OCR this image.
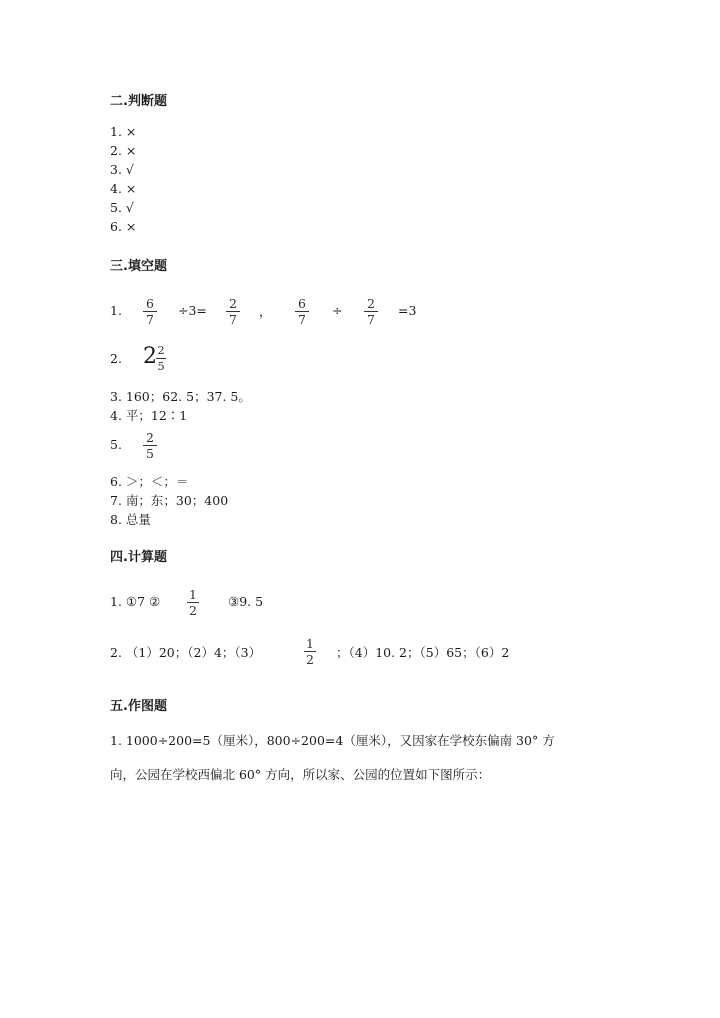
二.判断题
1. ×
2. ×
3. √
4. ×
5. √
6. ×
三.填空题
1. 6
7
÷3= 2
7
，
6
7
÷ 2
7
=3
2. 2 2
5
3. 160；62. 5；37. 5。
4. 平；12∶1
5. 2
5
6. ＞；＜；＝
7. 南；东；30；400
8. 总量
四.计算题
1. ①7 ② 1
2
③9. 5
2. （1）20；（2）4；（3）
1
2 ；（4）10. 2；（5）65；（6）2
五.作图题
1. 1000÷200=5（厘米），800÷200=4（厘米），又因家在学校东偏南 30° 方
向，公园在学校西偏北 60° 方向，所以家、公园的位置如下图所示：
